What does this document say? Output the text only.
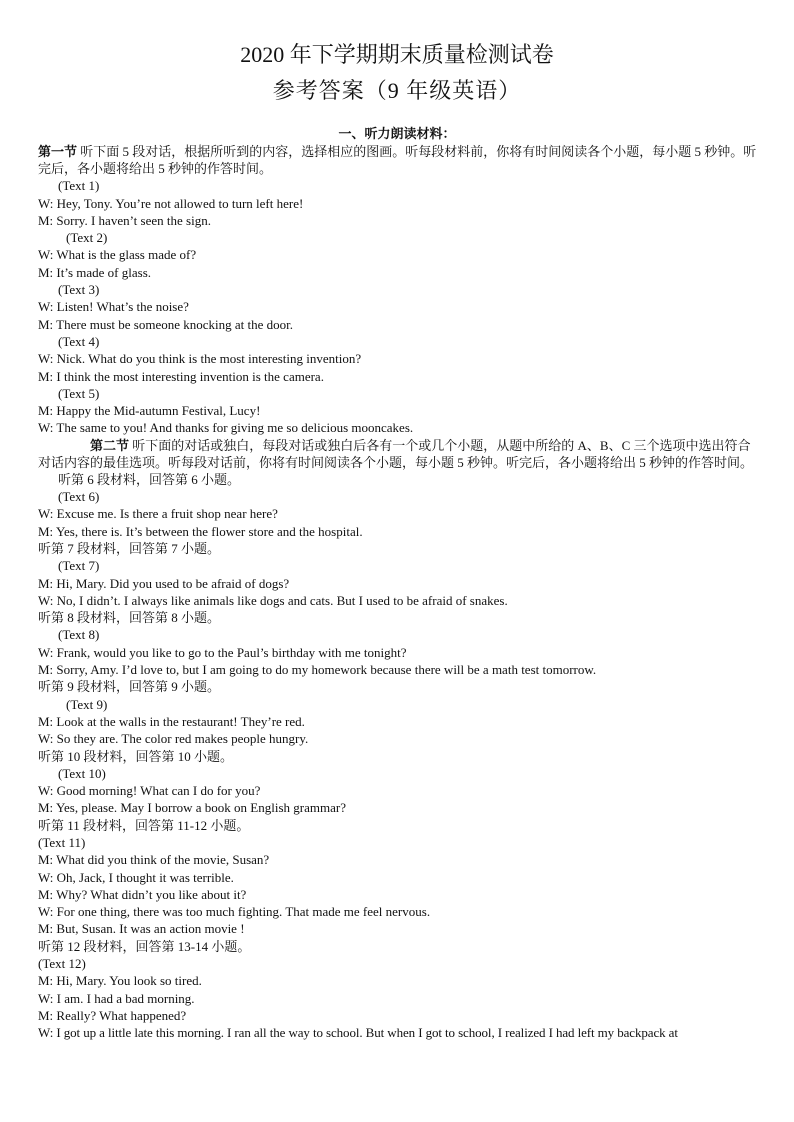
2020 年下学期期末质量检测试卷
参考答案（9 年级英语）
一、听力朗读材料：
第一节 听下面 5 段对话，根据所听到的内容，选择相应的图画。听每段材料前，你将有时间阅读各个小题，每小题 5 秒钟。听完后，各小题将给出 5 秒钟的作答时间。
(Text 1)
W: Hey, Tony. You’re not allowed to turn left here!
M: Sorry. I haven’t seen the sign.
(Text 2)
W: What is the glass made of?
M: It’s made of glass.
(Text 3)
W: Listen! What’s the noise?
M: There must be someone knocking at the door.
(Text 4)
W: Nick. What do you think is the most interesting invention?
M: I think the most interesting invention is the camera.
(Text 5)
M: Happy the Mid-autumn Festival, Lucy!
W: The same to you! And thanks for giving me so delicious mooncakes.
第二节 听下面的对话或独白，每段对话或独白后各有一个或几个小题，从题中所给的 A、B、C 三个选项中选出符合对话内容的最佳选项。听每段对话前，你将有时间阅读各个小题，每小题 5 秒钟。听完后，各小题将给出 5 秒钟的作答时间。
听第 6 段材料，回答第 6 小题。
(Text 6)
W: Excuse me. Is there a fruit shop near here?
M: Yes, there is. It’s between the flower store and the hospital.
听第 7 段材料，回答第 7 小题。
(Text 7)
M: Hi, Mary. Did you used to be afraid of dogs?
W: No, I didn’t. I always like animals like dogs and cats. But I used to be afraid of snakes.
听第 8 段材料，回答第 8 小题。
(Text 8)
W: Frank, would you like to go to the Paul’s birthday with me tonight?
M: Sorry, Amy. I’d love to, but I am going to do my homework because there will be a math test tomorrow.
听第 9 段材料，回答第 9 小题。
(Text 9)
M: Look at the walls in the restaurant! They’re red.
W: So they are. The color red makes people hungry.
听第 10 段材料，回答第 10 小题。
(Text 10)
W: Good morning! What can I do for you?
M: Yes, please. May I borrow a book on English grammar?
听第 11 段材料，回答第 11-12 小题。
(Text 11)
M: What did you think of the movie, Susan?
W: Oh, Jack, I thought it was terrible.
M: Why? What didn’t you like about it?
W: For one thing, there was too much fighting. That made me feel nervous.
M: But, Susan. It was an action movie !
听第 12 段材料，回答第 13-14 小题。
(Text 12)
M: Hi, Mary. You look so tired.
W: I am. I had a bad morning.
M: Really? What happened?
W: I got up a little late this morning. I ran all the way to school. But when I got to school, I realized I had left my backpack at
